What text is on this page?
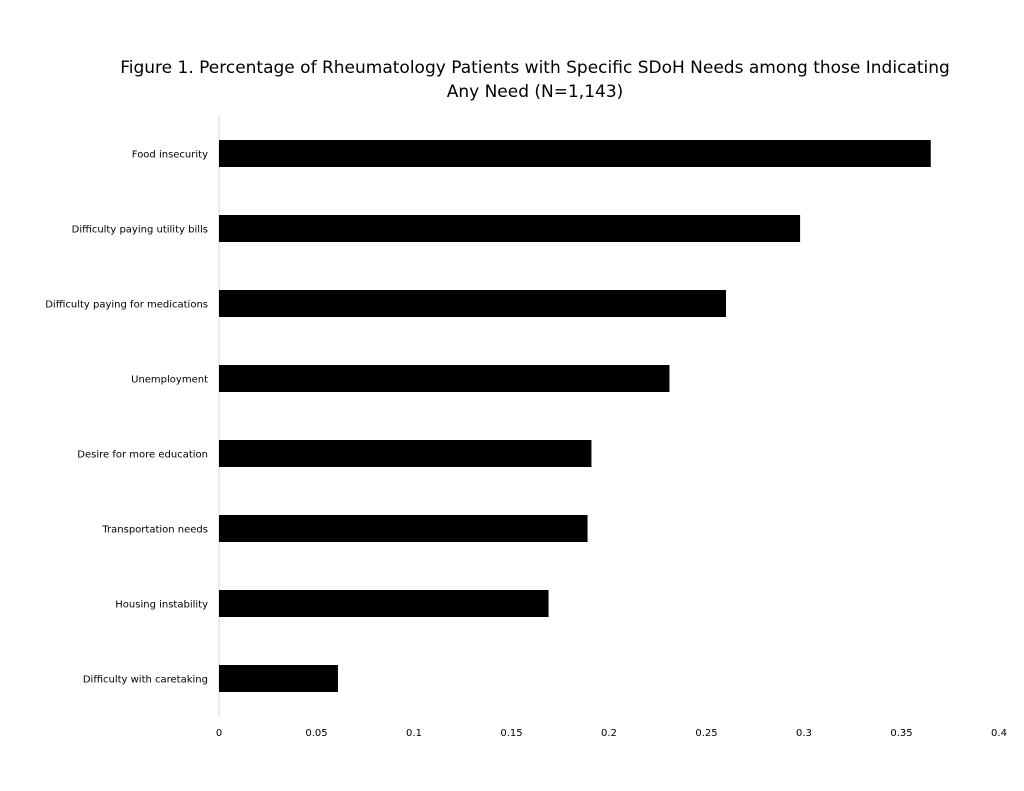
Figure 1. Percentage of Rheumatology Patients with Specific SDoH Needs among those Indicating Any Need (N=1,143)
Food insecurity
Difficulty paying utility bills
Difficulty paying for medications
Unemployment
Desire for more education
Transportation needs
Housing instability
Difficulty with caretaking
0	0.05	0.1	0.15	0.2	0.25	0.3	0.35	0.4
